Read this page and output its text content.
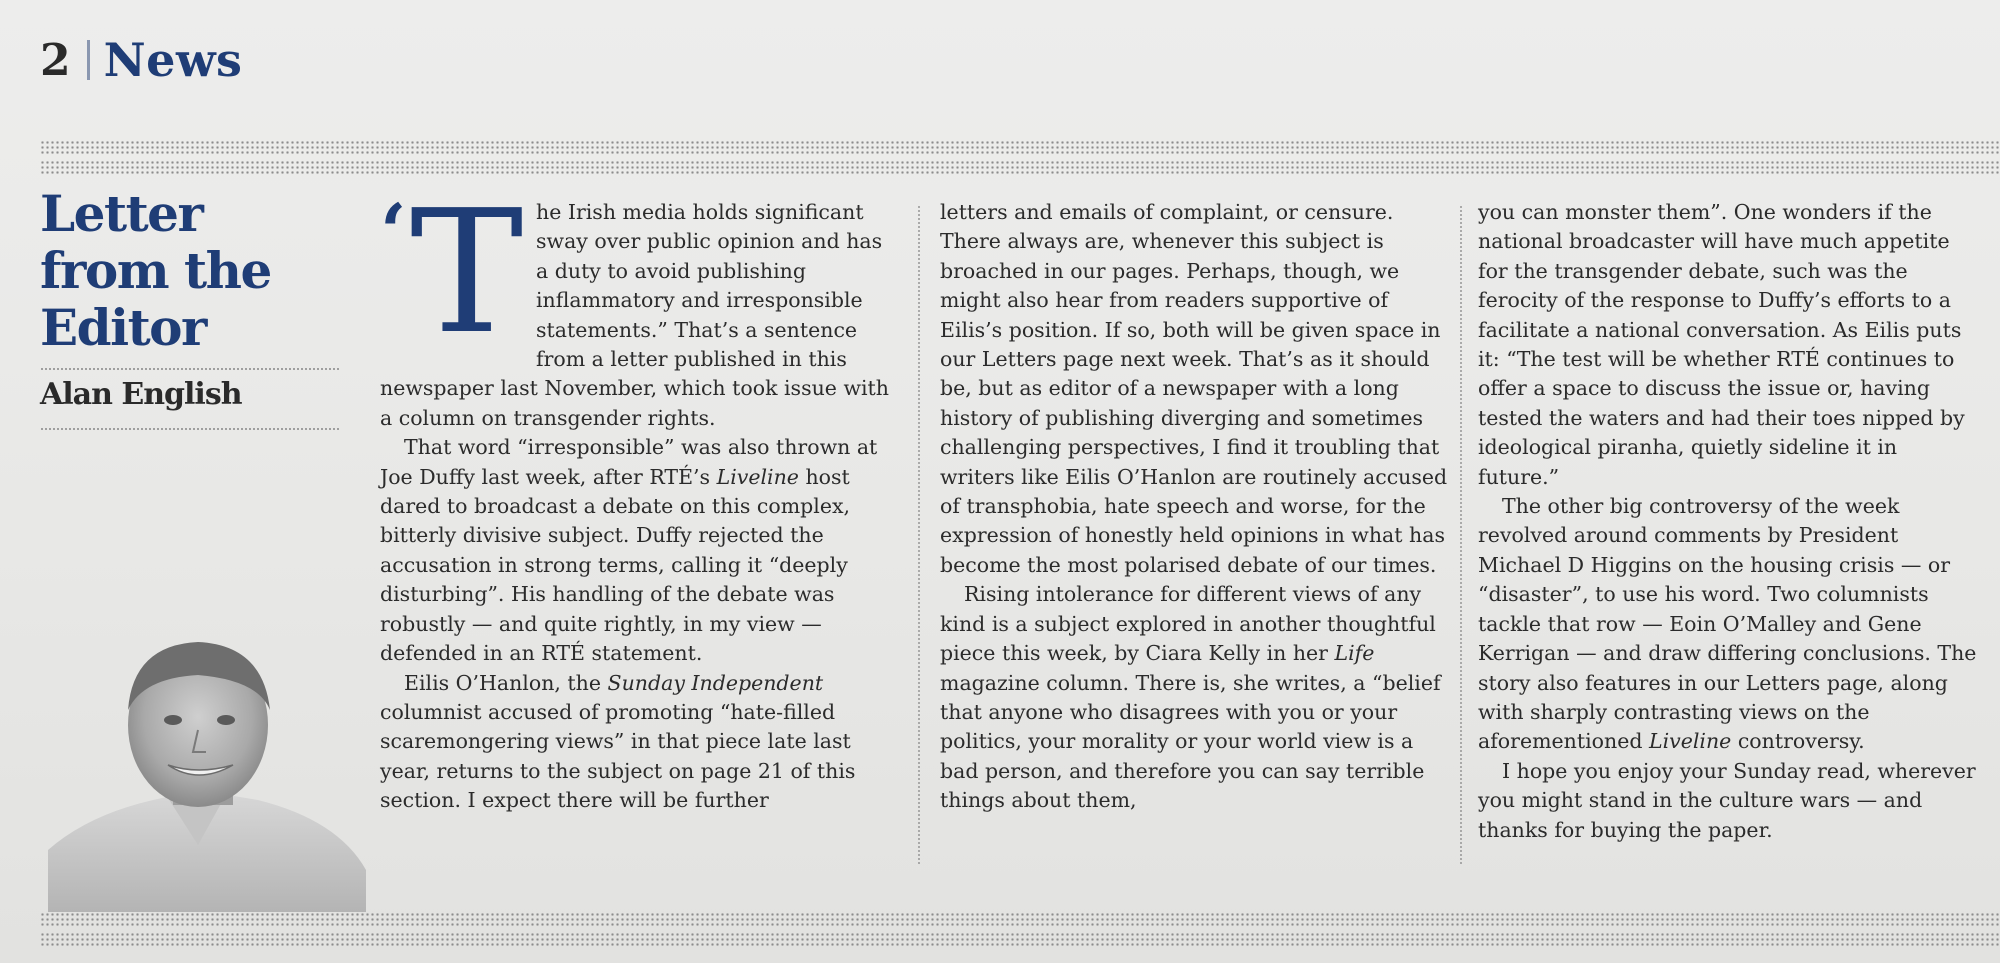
2 News
Letter
from the
Editor

Alan English

‘ T he Irish media holds significant sway over public opinion and has a duty to avoid publishing inflammatory and irresponsible statements.” That’s a sentence from a letter published in this newspaper last November, which took issue with a column on transgender rights.

That word “irresponsible” was also thrown at Joe Duffy last week, after RTÉ’s Liveline host dared to broadcast a debate on this complex, bitterly divisive subject. Duffy rejected the accusation in strong terms, calling it “deeply disturbing”. His handling of the debate was robustly — and quite rightly, in my view — defended in an RTÉ statement.

Eilis O’Hanlon, the Sunday Independent columnist accused of promoting “hate-filled scaremongering views” in that piece late last year, returns to the subject on page 21 of this section. I expect there will be further

letters and emails of complaint, or censure. There always are, whenever this subject is broached in our pages. Perhaps, though, we might also hear from readers supportive of Eilis’s position. If so, both will be given space in our Letters page next week. That’s as it should be, but as editor of a newspaper with a long history of publishing diverging and sometimes challenging perspectives, I find it troubling that writers like Eilis O’Hanlon are routinely accused of transphobia, hate speech and worse, for the expression of honestly held opinions in what has become the most polarised debate of our times.

Rising intolerance for different views of any kind is a subject explored in another thoughtful piece this week, by Ciara Kelly in her Life magazine column. There is, she writes, a “belief that anyone who disagrees with you or your politics, your morality or your world view is a bad person, and therefore you can say terrible things about them,

you can monster them”. One wonders if the national broadcaster will have much appetite for the transgender debate, such was the ferocity of the response to Duffy’s efforts to a facilitate a national conversation. As Eilis puts it: “The test will be whether RTÉ continues to offer a space to discuss the issue or, having tested the waters and had their toes nipped by ideological piranha, quietly sideline it in future.”

The other big controversy of the week revolved around comments by President Michael D Higgins on the housing crisis — or “disaster”, to use his word. Two columnists tackle that row — Eoin O’Malley and Gene Kerrigan — and draw differing conclusions. The story also features in our Letters page, along with sharply contrasting views on the aforementioned Liveline controversy.

I hope you enjoy your Sunday read, wherever you might stand in the culture wars — and thanks for buying the paper.
